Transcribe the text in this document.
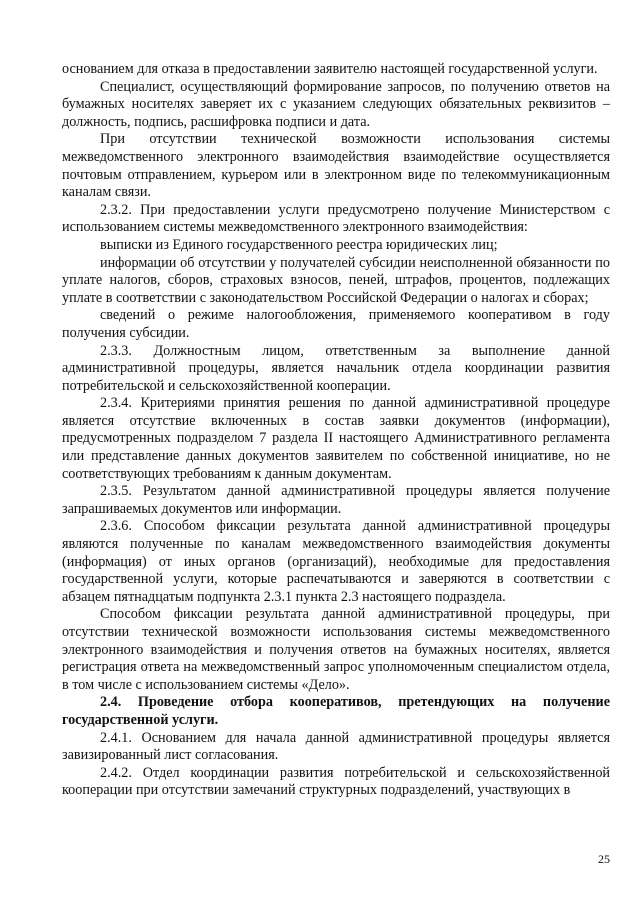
основанием для отказа в предоставлении заявителю настоящей государственной услуги.

Специалист, осуществляющий формирование запросов, по получению ответов на бумажных носителях заверяет их с указанием следующих обязательных реквизитов – должность, подпись, расшифровка подписи и дата.

При отсутствии технической возможности использования системы межведомственного электронного взаимодействия взаимодействие осуществляется почтовым отправлением, курьером или в электронном виде по телекоммуникационным каналам связи.

2.3.2. При предоставлении услуги предусмотрено получение Министерством с использованием системы межведомственного электронного взаимодействия:

выписки из Единого государственного реестра юридических лиц;

информации об отсутствии у получателей субсидии неисполненной обязанности по уплате налогов, сборов, страховых взносов, пеней, штрафов, процентов, подлежащих уплате в соответствии с законодательством Российской Федерации о налогах и сборах;

сведений о режиме налогообложения, применяемого кооперативом в году получения субсидии.

2.3.3. Должностным лицом, ответственным за выполнение данной административной процедуры, является начальник отдела координации развития потребительской и сельскохозяйственной кооперации.

2.3.4. Критериями принятия решения по данной административной процедуре является отсутствие включенных в состав заявки документов (информации), предусмотренных подразделом 7 раздела II настоящего Административного регламента или представление данных документов заявителем по собственной инициативе, но не соответствующих требованиям к данным документам.

2.3.5. Результатом данной административной процедуры является получение запрашиваемых документов или информации.

2.3.6. Способом фиксации результата данной административной процедуры являются полученные по каналам межведомственного взаимодействия документы (информация) от иных органов (организаций), необходимые для предоставления государственной услуги, которые распечатываются и заверяются в соответствии с абзацем пятнадцатым подпункта 2.3.1 пункта 2.3 настоящего подраздела.

Способом фиксации результата данной административной процедуры, при отсутствии технической возможности использования системы межведомственного электронного взаимодействия и получения ответов на бумажных носителях, является регистрация ответа на межведомственный запрос уполномоченным специалистом отдела, в том числе с использованием системы «Дело».

2.4. Проведение отбора кооперативов, претендующих на получение государственной услуги.

2.4.1. Основанием для начала данной административной процедуры является завизированный лист согласования.

2.4.2. Отдел координации развития потребительской и сельскохозяйственной кооперации при отсутствии замечаний структурных подразделений, участвующих в

25
